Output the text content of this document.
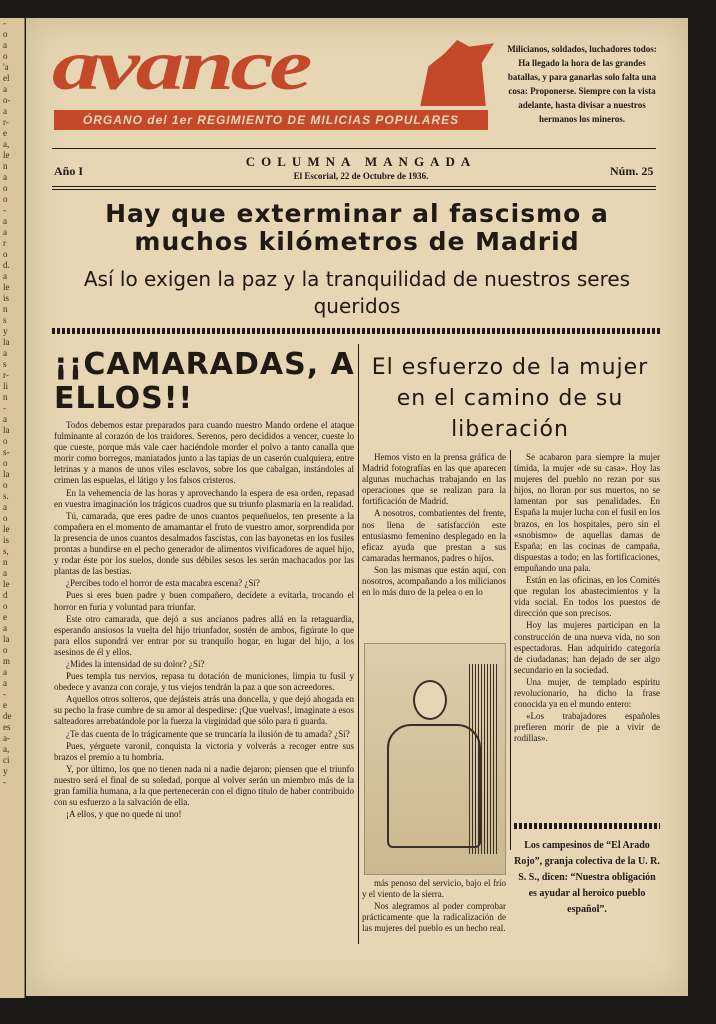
-
o
a
o
'a
el
a
o-
a
r-
e
a,
le
n
a
o
o
-
a
a
r
o
d.
a
le
is
n
s
y
la
a
s
r-
li
n
-
a
la
o
s-
o
la
o
s.
a
o
le
is
s,
n
a
le
d
o
e
a
la
o
m
a
a
-
e
de
es
a-
a,
ci
y
-
avance
ÓRGANO del 1er REGIMIENTO DE MILICIAS POPULARES
Milicianos, soldados, luchadores todos: Ha llegado la hora de las grandes batallas, y para ganarlas solo falta una cosa: Proponerse. Siempre con la vista adelante, hasta divisar a nuestros hermanos los mineros.
Año I
COLUMNA MANGADA
El Escorial, 22 de Octubre de 1936.	Núm. 25
Hay que exterminar al fascismo a muchos kilómetros de Madrid
Así lo exigen la paz y la tranquilidad de nuestros seres queridos
¡¡CAMARADAS, A ELLOS!!

Todos debemos estar preparados para cuando nuestro Mando ordene el ataque fulminante al corazón de los traidores. Serenos, pero decididos a vencer, cueste lo que cueste, porque más vale caer haciéndole morder el polvo a tanto canalla que morir como borregos, maniatados junto a las tapias de un caserón cualquiera, entre letrinas y a manos de unos viles esclavos, sobre los que cabalgan, instándoles al crimen las espuelas, el látigo y los falsos cristeros.

En la vehemencia de las horas y aprovechando la espera de esa orden, repasad en vuestra imaginación los trágicos cuadros que su triunfo plasmaría en la realidad.

Tú, camarada, que eres padre de unos cuantos pequeñuelos, ten presente a la compañera en el momento de amamantar el fruto de vuestro amor, sorprendida por la presencia de unos cuantos desalmados fascistas, con las bayonetas en los fusiles prontas a hundirse en el pecho generador de alimentos vivificadores de aquel hijo, y rodar éste por los suelos, donde sus débiles sesos les serán machacados por las plantas de las bestias.

¿Percibes todo el horror de esta macabra escena? ¿Sí?

Pues si eres buen padre y buen compañero, decídete a evitarla, trocando el horror en furia y voluntad para triunfar.

Este otro camarada, que dejó a sus ancianos padres allá en la retaguardia, esperando ansiosos la vuelta del hijo triunfador, sostén de ambos, figúrate lo que para ellos supondrá ver entrar por su tranquilo hogar, en lugar del hijo, a los asesinos de él y ellos.

¿Mides la intensidad de su dolor? ¿Sí?

Pues templa tus nervios, repasa tu dotación de municiones, limpia tu fusil y obedece y avanza con coraje, y tus viejos tendrán la paz a que son acreedores.

Aquellos otros solteros, que dejásteis atrás una doncella, y que dejó ahogada en su pecho la frase cumbre de su amor al despedirse: ¡Que vuelvas!, imaginate a esos salteadores arrebatándole por la fuerza la virginidad que sólo para ti guarda.

¿Te das cuenta de lo trágicamente que se truncaría la ilusión de tu amada? ¿Sí?

Pues, yérguete varonil, conquista la victoria y volverás a recoger entre sus brazos el premio a tu hombría.

Y, por último, los que no tienen nada ni a nadie dejaron; piensen que el triunfo nuestro será el final de su soledad, porque al volver serán un miembro más de la gran familia humana, a la que pertenecerán con el digno título de haber contribuido con su esfuerzo a la salvación de ella.

¡A ellos, y que no quede ni uno!

El esfuerzo de la mujer en el camino de su liberación

Hemos visto en la prensa gráfica de Madrid fotografías en las que aparecen algunas muchachas trabajando en las operaciones que se realizan para la fortificación de Madrid.

A nosotros, combatientes del frente, nos llena de satisfacción este entusiasmo femenino desplegado en la eficaz ayuda que prestan a sus camaradas hermanos, padres o hijos.

Son las mismas que están aquí, con nosotros, acompañando a los milicianos en lo más duro de la pelea o en lo

más penoso del servicio, bajo el frío y el viento de la sierra.

Nos alegramos al poder comprobar prácticamente que la radicalización de las mujeres del pueblo es un hecho real.

Se acabaron para siempre la mujer tímida, la mujer «de su casa». Hoy las mujeres del pueblo no rezan por sus hijos, no lloran por sus muertos, no se lamentan por sus penalidades. En España la mujer lucha con el fusil en los brazos, en los hospitales, pero sin el «snobismo» de aquellas damas de España; en las cocinas de campaña, dispuestas a todo; en las fortificaciones, empuñando una pala.

Están en las oficinas, en los Comités que regulan los abastecimientos y la vida social. En todos los puestos de dirección que son precisos.

Hoy las mujeres participan en la construcción de una nueva vida, no son espectadoras. Han adquirido categoría de ciudadanas; han dejado de ser algo secundario en la sociedad.

Una mujer, de templado espíritu revolucionario, ha dicho la frase conocida ya en el mundo entero:

«Los trabajadores españoles prefieren morir de pie a vivir de rodillas».

Los campesinos de “El Arado Rojo”, granja colectiva de la U. R. S. S., dicen: “Nuestra obligación es ayudar al heroico pueblo español”.
